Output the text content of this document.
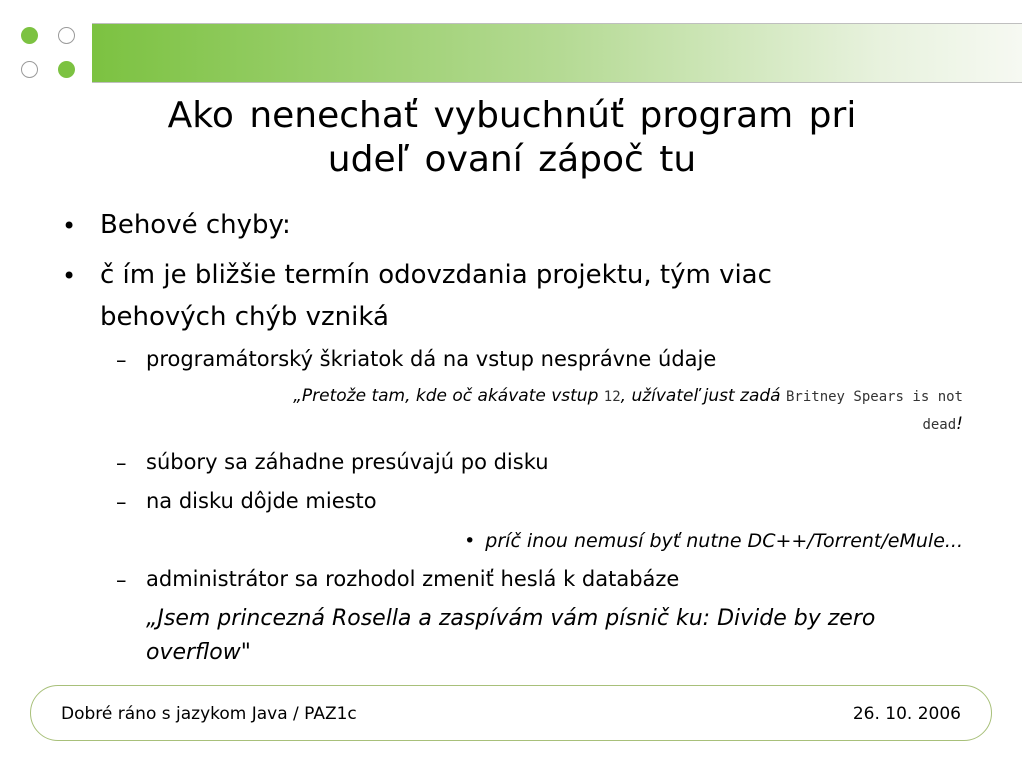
Ako nenechať vybuchnúť program pri
udeľ ovaní zápoč tu
• Behové chyby:
• č ím je bližšie termín odovzdania projektu, tým viac
behových chýb vzniká
– programátorský škriatok dá na vstup nesprávne údaje
„Pretože tam, kde oč akávate vstup 12, užívateľ just zadá Britney Spears is not
dead!
– súbory sa záhadne presúvajú po disku
– na disku dôjde miesto
• príč inou nemusí byť nutne DC++/Torrent/eMule...
– administrátor sa rozhodol zmeniť heslá k databáze
„Jsem princezná Rosella a zaspívám vám písnič ku: Divide by zero
overflow"
Dobré ráno s jazykom Java / PAZ1c	26. 10. 2006
